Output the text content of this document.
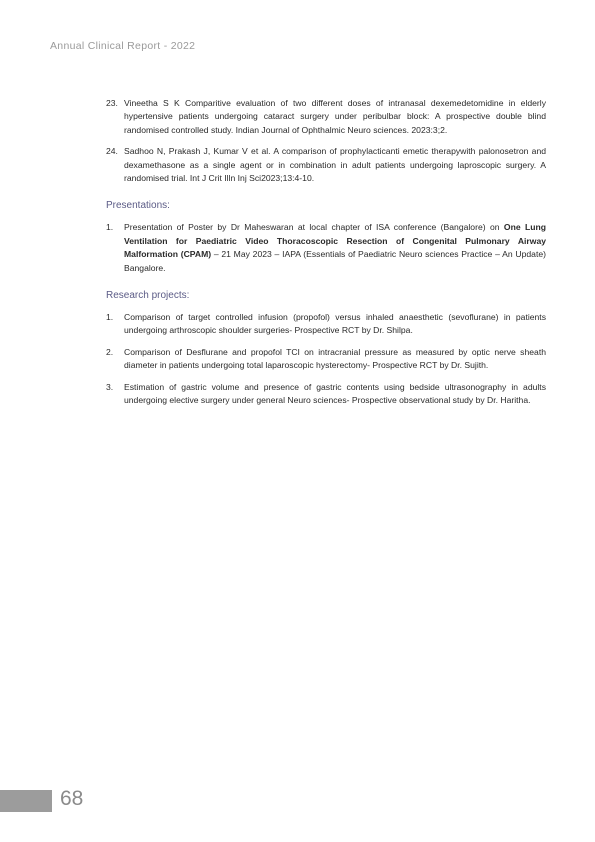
Annual Clinical Report - 2022
23. Vineetha S K Comparitive evaluation of two different doses of intranasal dexemedetomidine in elderly hypertensive patients undergoing cataract surgery under peribulbar block: A prospective double blind randomised controlled study. Indian Journal of Ophthalmic Neuro sciences. 2023:3;2.
24. Sadhoo N, Prakash J, Kumar V et al. A comparison of prophylacticanti emetic therapywith palonosetron and dexamethasone as a single agent or in combination in adult patients undergoing laproscopic surgery. A randomised trial. Int J Crit Illn Inj Sci2023;13:4-10.
Presentations:
1. Presentation of Poster by Dr Maheswaran at local chapter of ISA conference (Bangalore) on One Lung Ventilation for Paediatric Video Thoracoscopic Resection of Congenital Pulmonary Airway Malformation (CPAM) – 21 May 2023 – IAPA (Essentials of Paediatric Neuro sciences Practice – An Update) Bangalore.
Research projects:
1. Comparison of target controlled infusion (propofol) versus inhaled anaesthetic (sevoflurane) in patients undergoing arthroscopic shoulder surgeries- Prospective RCT by Dr. Shilpa.
2. Comparison of Desflurane and propofol TCI on intracranial pressure as measured by optic nerve sheath diameter in patients undergoing total laparoscopic hysterectomy- Prospective RCT by Dr. Sujith.
3. Estimation of gastric volume and presence of gastric contents using bedside ultrasonography in adults undergoing elective surgery under general Neuro sciences- Prospective observational study by Dr. Haritha.
68
